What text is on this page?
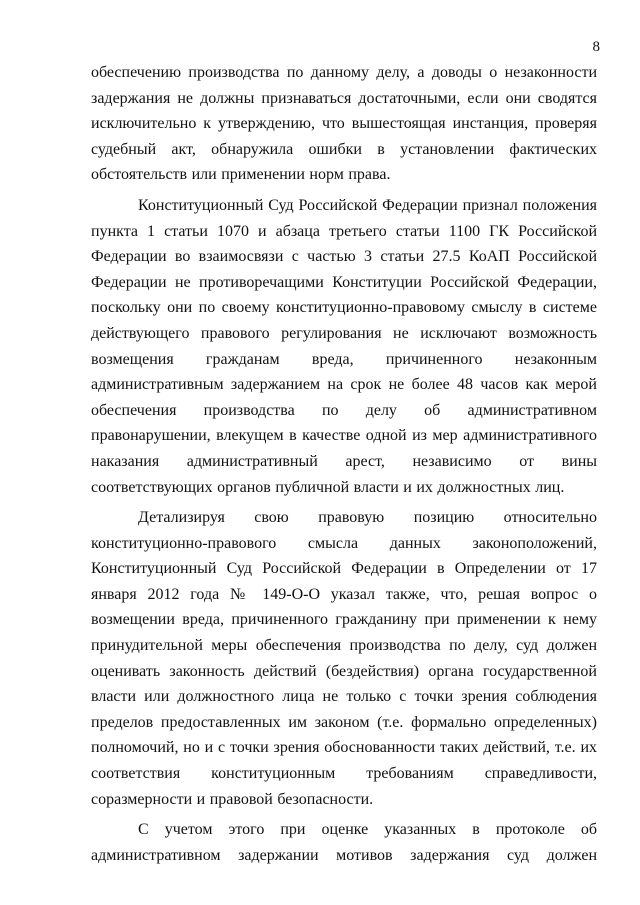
8

обеспечению производства по данному делу, а доводы о незаконности задержания не должны признаваться достаточными, если они сводятся исключительно к утверждению, что вышестоящая инстанция, проверяя судебный акт, обнаружила ошибки в установлении фактических обстоятельств или применении норм права.

Конституционный Суд Российской Федерации признал положения пункта 1 статьи 1070 и абзаца третьего статьи 1100 ГК Российской Федерации во взаимосвязи с частью 3 статьи 27.5 КоАП Российской Федерации не противоречащими Конституции Российской Федерации, поскольку они по своему конституционно-правовому смыслу в системе действующего правового регулирования не исключают возможность возмещения гражданам вреда, причиненного незаконным административным задержанием на срок не более 48 часов как мерой обеспечения производства по делу об административном правонарушении, влекущем в качестве одной из мер административного наказания административный арест, независимо от вины соответствующих органов публичной власти и их должностных лиц.

Детализируя свою правовую позицию относительно конституционно-правового смысла данных законоположений, Конституционный Суд Российской Федерации в Определении от 17 января 2012 года № 149-О-О указал также, что, решая вопрос о возмещении вреда, причиненного гражданину при применении к нему принудительной меры обеспечения производства по делу, суд должен оценивать законность действий (бездействия) органа государственной власти или должностного лица не только с точки зрения соблюдения пределов предоставленных им законом (т.е. формально определенных) полномочий, но и с точки зрения обоснованности таких действий, т.е. их соответствия конституционным требованиям справедливости, соразмерности и правовой безопасности.

С учетом этого при оценке указанных в протоколе об административном задержании мотивов задержания суд должен
